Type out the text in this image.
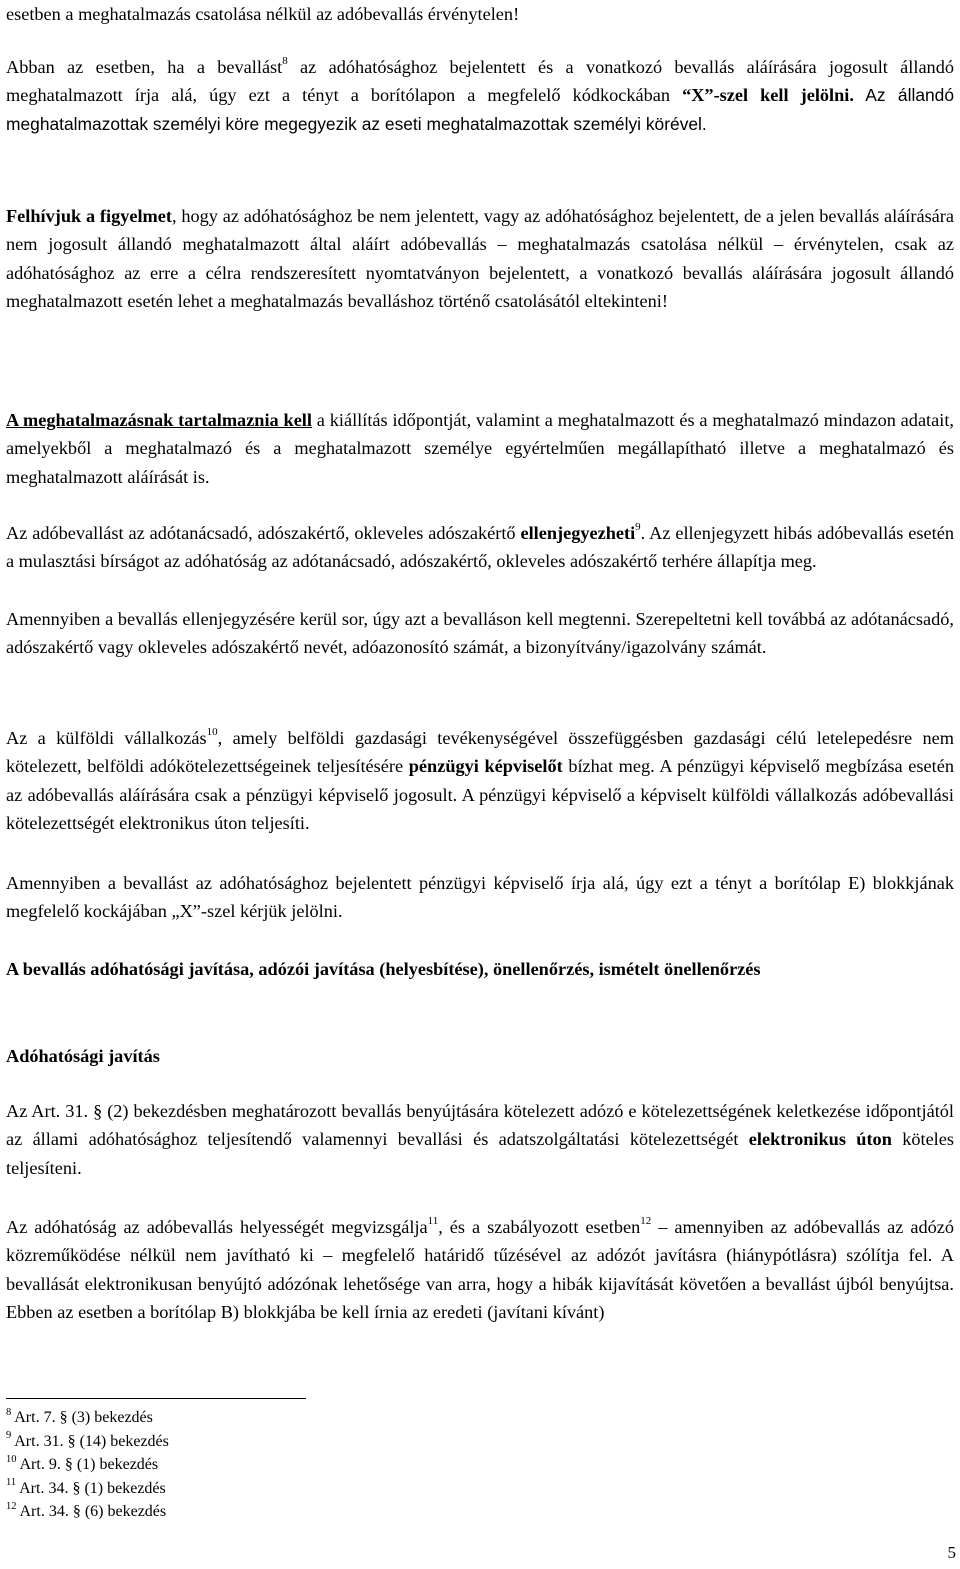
esetben a meghatalmazás csatolása nélkül az adóbevallás érvénytelen!

Abban az esetben, ha a bevallást$^8$ az adóhatósághoz bejelentett és a vonatkozó bevallás aláírására jogosult állandó meghatalmazott írja alá, úgy ezt a tényt a borítólapon a megfelelő kódkockában “X”-szel kell jelölni. Az állandó meghatalmazottak személyi köre megegyezik az eseti meghatalmazottak személyi körével.

Felhívjuk a figyelmet, hogy az adóhatósághoz be nem jelentett, vagy az adóhatósághoz bejelentett, de a jelen bevallás aláírására nem jogosult állandó meghatalmazott által aláírt adóbevallás – meghatalmazás csatolása nélkül – érvénytelen, csak az adóhatósághoz az erre a célra rendszeresített nyomtatványon bejelentett, a vonatkozó bevallás aláírására jogosult állandó meghatalmazott esetén lehet a meghatalmazás bevalláshoz történő csatolásától eltekinteni!

A meghatalmazásnak tartalmaznia kell a kiállítás időpontját, valamint a meghatalmazott és a meghatalmazó mindazon adatait, amelyekből a meghatalmazó és a meghatalmazott személye egyértelműen megállapítható illetve a meghatalmazó és meghatalmazott aláírását is.

Az adóbevallást az adótanácsadó, adószakértő, okleveles adószakértő ellenjegyezheti$^9$. Az ellenjegyzett hibás adóbevallás esetén a mulasztási bírságot az adóhatóság az adótanácsadó, adószakértő, okleveles adószakértő terhére állapítja meg.

Amennyiben a bevallás ellenjegyzésére kerül sor, úgy azt a bevalláson kell megtenni. Szerepeltetni kell továbbá az adótanácsadó, adószakértő vagy okleveles adószakértő nevét, adóazonosító számát, a bizonyítvány/igazolvány számát.

Az a külföldi vállalkozás$^{10}$, amely belföldi gazdasági tevékenységével összefüggésben gazdasági célú letelepedésre nem kötelezett, belföldi adókötelezettségeinek teljesítésére pénzügyi képviselőt bízhat meg. A pénzügyi képviselő megbízása esetén az adóbevallás aláírására csak a pénzügyi képviselő jogosult. A pénzügyi képviselő a képviselt külföldi vállalkozás adóbevallási kötelezettségét elektronikus úton teljesíti.

Amennyiben a bevallást az adóhatósághoz bejelentett pénzügyi képviselő írja alá, úgy ezt a tényt a borítólap E) blokkjának megfelelő kockájában „X”-szel kérjük jelölni.

A bevallás adóhatósági javítása, adózói javítása (helyesbítése), önellenőrzés, ismételt önellenőrzés
Adóhatósági javítás

Az Art. 31. § (2) bekezdésben meghatározott bevallás benyújtására kötelezett adózó e kötelezettségének keletkezése időpontjától az állami adóhatósághoz teljesítendő valamennyi bevallási és adatszolgáltatási kötelezettségét elektronikus úton köteles teljesíteni.

Az adóhatóság az adóbevallás helyességét megvizsgálja$^{11}$, és a szabályozott esetben$^{12}$ – amennyiben az adóbevallás az adózó közreműködése nélkül nem javítható ki – megfelelő határidő tűzésével az adózót javításra (hiánypótlásra) szólítja fel. A bevallását elektronikusan benyújtó adózónak lehetősége van arra, hogy a hibák kijavítását követően a bevallást újból benyújtsa. Ebben az esetben a borítólap B) blokkjába be kell írnia az eredeti (javítani kívánt)

$^8$ Art. 7. § (3) bekezdés
$^9$ Art. 31. § (14) bekezdés
$^{10}$ Art. 9. § (1) bekezdés
$^{11}$ Art. 34. § (1) bekezdés
$^{12}$ Art. 34. § (6) bekezdés
5
